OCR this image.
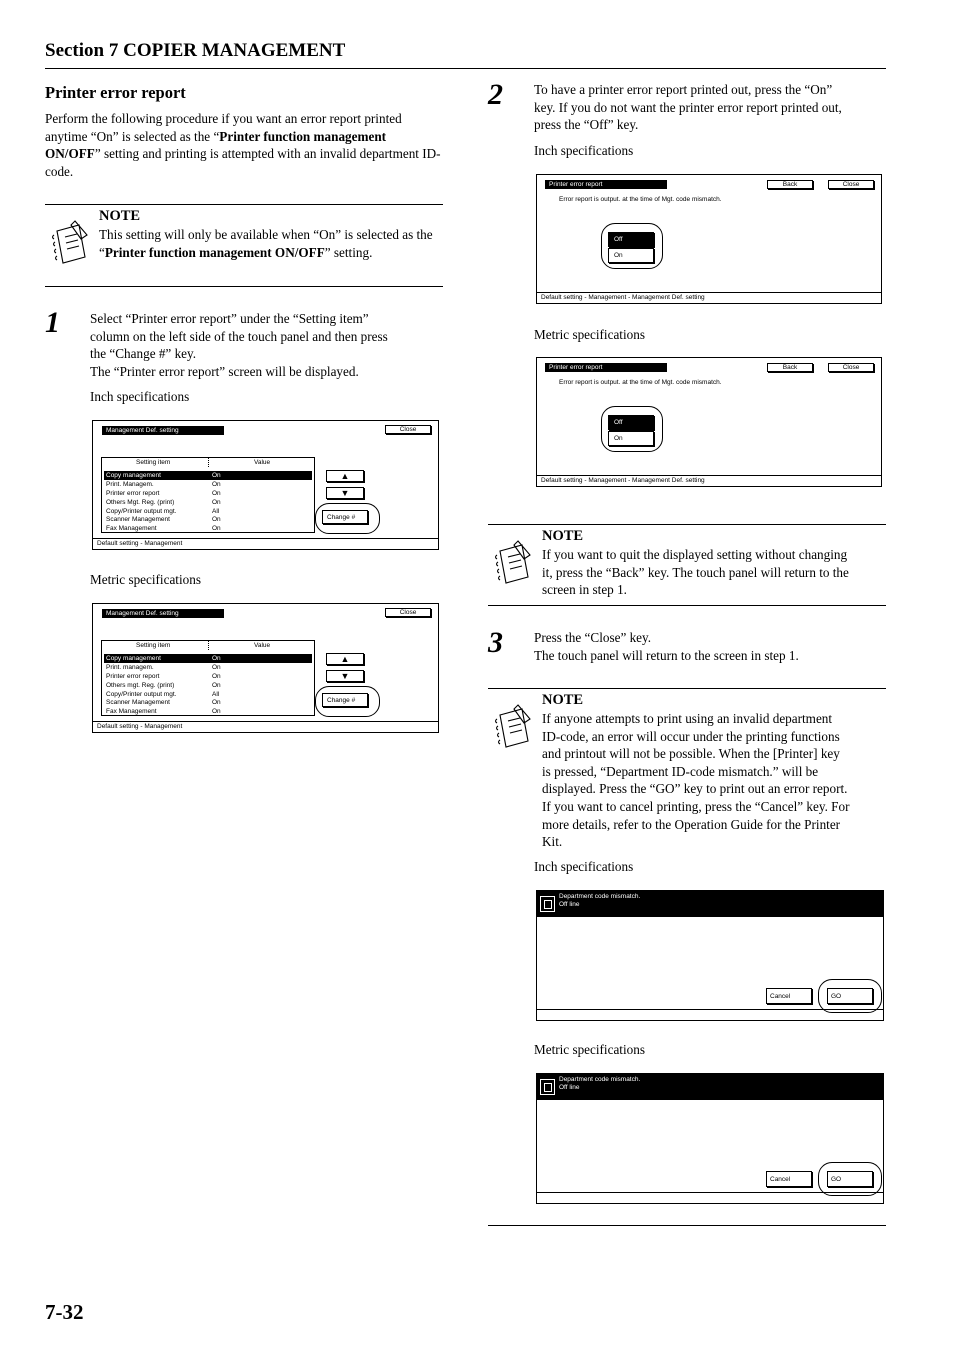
Section 7 COPIER MANAGEMENT
Printer error report
Perform the following procedure if you want an error report printed anytime “On” is selected as the “Printer function management ON/OFF” setting and printing is attempted with an invalid department ID-code.
NOTE
This setting will only be available when “On” is selected as the “Printer function management ON/OFF” setting.
1 Select “Printer error report” under the “Setting item”
column on the left side of the touch panel and then press
the “Change #” key.
The “Printer error report” screen will be displayed.
Inch specifications
Management Def. setting	Close
Setting item	Value
Copy management	On
Print. Managem.	On
Printer error report	On
Others Mgt. Reg. (print)	On
Copy/Printer output mgt.	All
Scanner Management	On
Fax Management	On
▲
▼
Change #
Default setting - Management
Metric specifications
Management Def. setting	Close
Setting item	Value
Copy management	On
Print. managem.	On
Printer error report	On
Others mgt. Reg. (print)	On
Copy/Printer output mgt.	All
Scanner Management	On
Fax Management	On
▲
▼
Change #
Default setting - Management
2 To have a printer error report printed out, press the “On”
key. If you do not want the printer error report printed out,
press the “Off” key.
Inch specifications
Printer error report	Back	Close
Error report is output. at the time of Mgt. code mismatch.
Off
On
Default setting - Management - Management Def. setting
Metric specifications
Printer error report	Back	Close
Error report is output. at the time of Mgt. code mismatch.
Off
On
Default setting - Management - Management Def. setting
NOTE
If you want to quit the displayed setting without changing
it, press the “Back” key. The touch panel will return to the
screen in step 1.
3 Press the “Close” key.
The touch panel will return to the screen in step 1.
NOTE
If anyone attempts to print using an invalid department
ID-code, an error will occur under the printing functions
and printout will not be possible. When the [Printer] key
is pressed, “Department ID-code mismatch.” will be
displayed. Press the “GO” key to print out an error report.
If you want to cancel printing, press the “Cancel” key. For
more details, refer to the Operation Guide for the Printer
Kit.
Inch specifications
Department code mismatch.
Off line
Cancel	GO
Metric specifications
Department code mismatch.
Off line
Cancel	GO
7-32
